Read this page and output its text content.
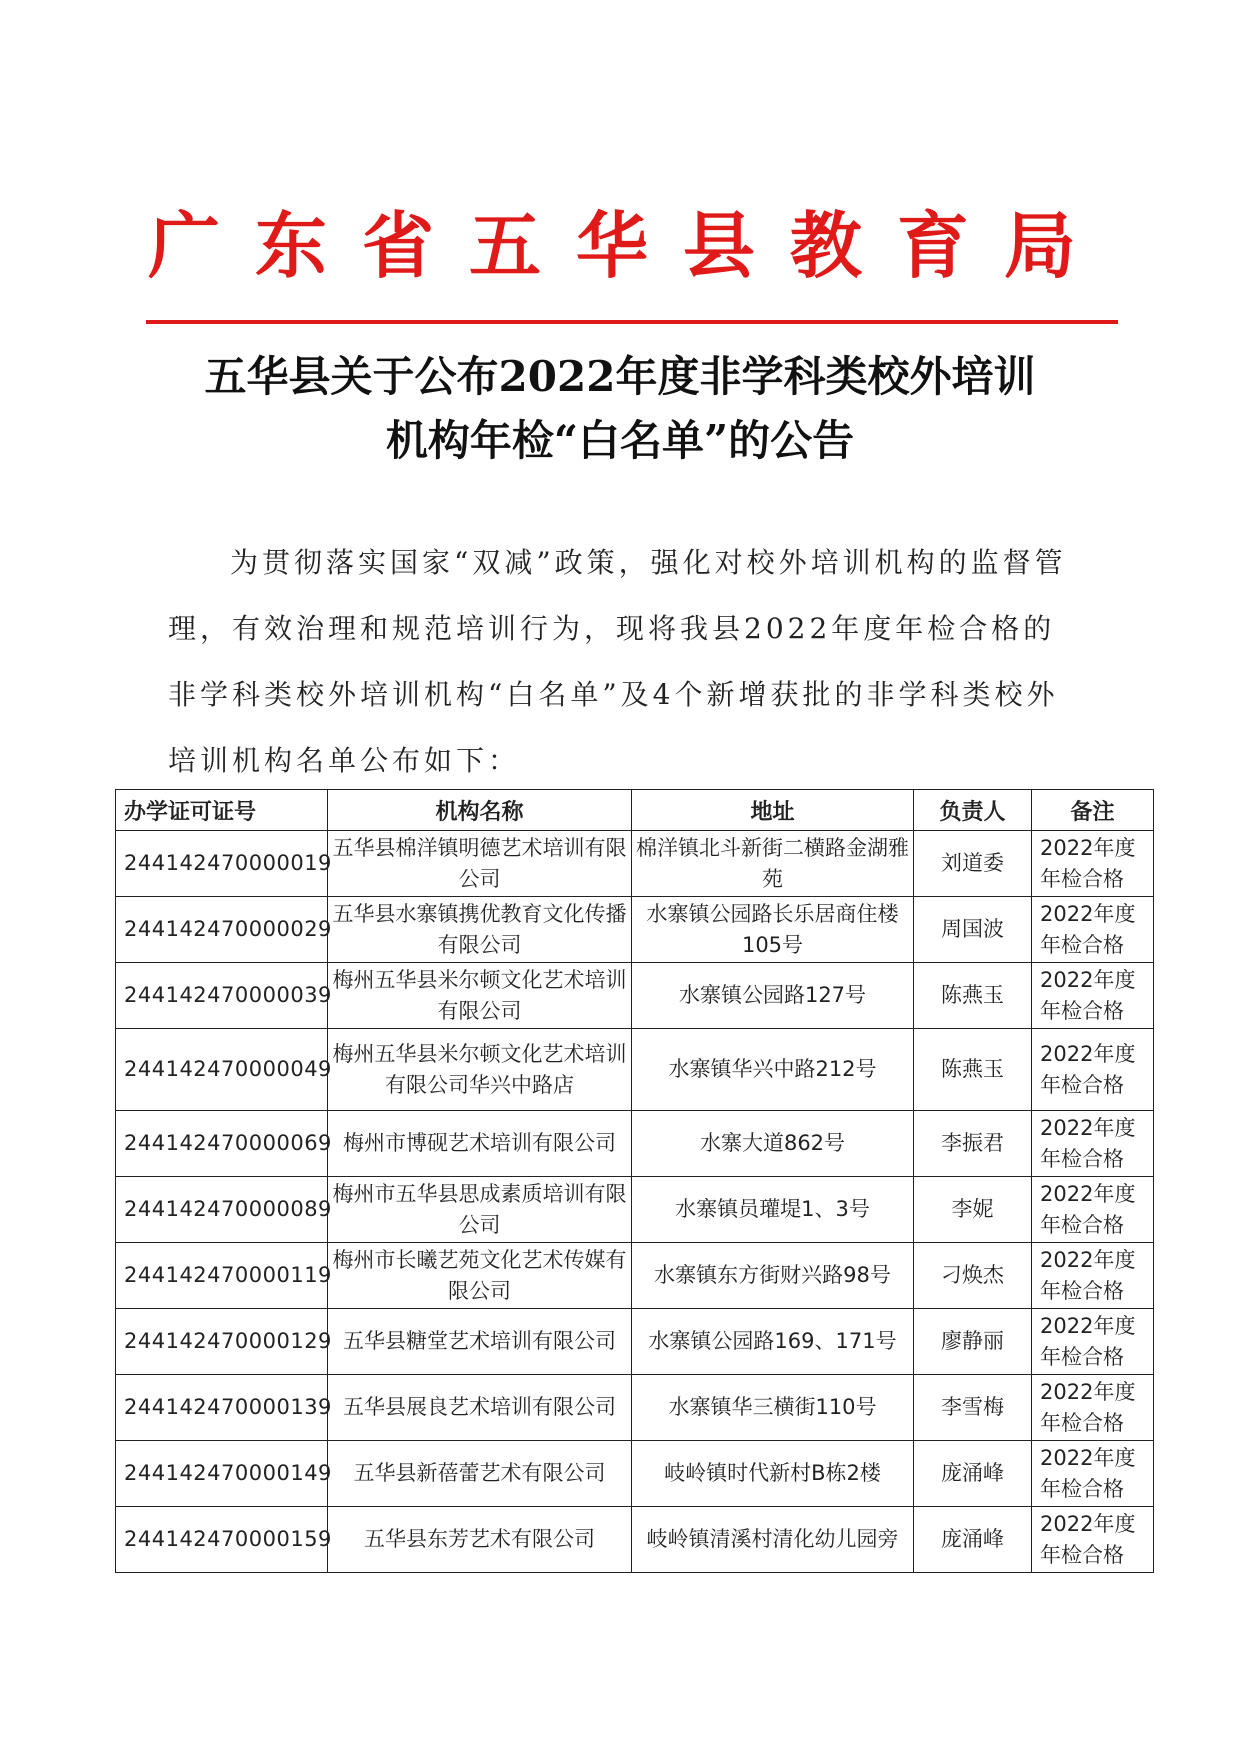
广 东 省 五 华 县 教 育 局
五华县关于公布2022年度非学科类校外培训
机构年检“白名单”的公告

为贯彻落实国家“双减”政策，强化对校外培训机构的监督管理，有效治理和规范培训行为，现将我县2022年度年检合格的非学科类校外培训机构“白名单”及4个新增获批的非学科类校外培训机构名单公布如下：

办学证可证号	机构名称	地址	负责人	备注
244142470000019	五华县棉洋镇明德艺术培训有限公司	棉洋镇北斗新街二横路金湖雅苑	刘道委	2022年度年检合格
244142470000029	五华县水寨镇携优教育文化传播有限公司	水寨镇公园路长乐居商住楼105号	周国波	2022年度年检合格
244142470000039	梅州五华县米尔顿文化艺术培训有限公司	水寨镇公园路127号	陈燕玉	2022年度年检合格
244142470000049	梅州五华县米尔顿文化艺术培训有限公司华兴中路店	水寨镇华兴中路212号	陈燕玉	2022年度年检合格
244142470000069	梅州市博砚艺术培训有限公司	水寨大道862号	李振君	2022年度年检合格
244142470000089	梅州市五华县思成素质培训有限公司	水寨镇员瓘堤1、3号	李妮	2022年度年检合格
244142470000119	梅州市长曦艺苑文化艺术传媒有限公司	水寨镇东方街财兴路98号	刁焕杰	2022年度年检合格
244142470000129	五华县糖堂艺术培训有限公司	水寨镇公园路169、171号	廖静丽	2022年度年检合格
244142470000139	五华县展良艺术培训有限公司	水寨镇华三横街110号	李雪梅	2022年度年检合格
244142470000149	五华县新蓓蕾艺术有限公司	岐岭镇时代新村B栋2楼	庞涌峰	2022年度年检合格
244142470000159	五华县东芳艺术有限公司	岐岭镇清溪村清化幼儿园旁	庞涌峰	2022年度年检合格
